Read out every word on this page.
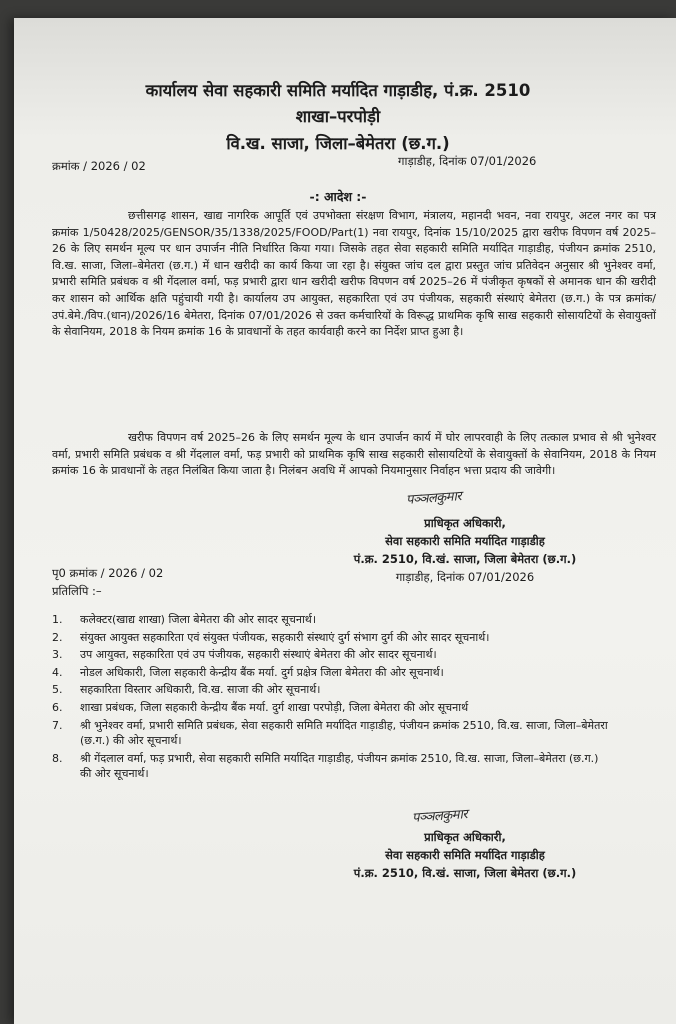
कार्यालय सेवा सहकारी समिति मर्यादित गाड़ाडीह, पं.क्र. 2510
शाखा–परपोड़ी
वि.ख. साजा, जिला–बेमेतरा (छ.ग.)
क्रमांक / 2026 / 02	गाड़ाडीह, दिनांक 07/01/2026
-: आदेश :-
छत्तीसगढ़ शासन, खाद्य नागरिक आपूर्ति एवं उपभोक्ता संरक्षण विभाग, मंत्रालय, महानदी भवन, नवा रायपुर, अटल नगर का पत्र क्रमांक 1/50428/2025/GENSOR/35/1338/2025/FOOD/Part(1) नवा रायपुर, दिनांक 15/10/2025 द्वारा खरीफ विपणन वर्ष 2025–26 के लिए समर्थन मूल्य पर धान उपार्जन नीति निर्धारित किया गया। जिसके तहत सेवा सहकारी समिति मर्यादित गाड़ाडीह, पंजीयन क्रमांक 2510, वि.ख. साजा, जिला–बेमेतरा (छ.ग.) में धान खरीदी का कार्य किया जा रहा है। संयुक्त जांच दल द्वारा प्रस्तुत जांच प्रतिवेदन अनुसार श्री भुनेश्वर वर्मा, प्रभारी समिति प्रबंधक व श्री गेंदलाल वर्मा, फड़ प्रभारी द्वारा धान खरीदी खरीफ विपणन वर्ष 2025–26 में पंजीकृत कृषकों से अमानक धान की खरीदी कर शासन को आर्थिक क्षति पहुंचायी गयी है। कार्यालय उप आयुक्त, सहकारिता एवं उप पंजीयक, सहकारी संस्थाएं बेमेतरा (छ.ग.) के पत्र क्रमांक/उपं.बेमे./विप.(धान)/2026/16 बेमेतरा, दिनांक 07/01/2026 से उक्त कर्मचारियों के विरूद्ध प्राथमिक कृषि साख सहकारी सोसायटियों के सेवायुक्तों के सेवानियम, 2018 के नियम क्रमांक 16 के प्रावधानों के तहत कार्यवाही करने का निर्देश प्राप्त हुआ है।
खरीफ विपणन वर्ष 2025–26 के लिए समर्थन मूल्य के धान उपार्जन कार्य में घोर लापरवाही के लिए तत्काल प्रभाव से श्री भुनेश्वर वर्मा, प्रभारी समिति प्रबंधक व श्री गेंदलाल वर्मा, फड़ प्रभारी को प्राथमिक कृषि साख सहकारी सोसायटियों के सेवायुक्तों के सेवानियम, 2018 के नियम क्रमांक 16 के प्रावधानों के तहत निलंबित किया जाता है। निलंबन अवधि में आपको नियमानुसार निर्वाहन भत्ता प्रदाय की जावेगी।
पञ्ञलकुमार
प्राधिकृत अधिकारी,
सेवा सहकारी समिति मर्यादित गाड़ाडीह
पं.क्र. 2510, वि.खं. साजा, जिला बेमेतरा (छ.ग.)
गाड़ाडीह, दिनांक 07/01/2026
पृ0 क्रमांक / 2026 / 02
प्रतिलिपि :–
1. कलेक्टर(खाद्य शाखा) जिला बेमेतरा की ओर सादर सूचनार्थ।
2. संयुक्त आयुक्त सहकारिता एवं संयुक्त पंजीयक, सहकारी संस्थाएं दुर्ग संभाग दुर्ग की ओर सादर सूचनार्थ।
3. उप आयुक्त, सहकारिता एवं उप पंजीयक, सहकारी संस्थाएं बेमेतरा की ओर सादर सूचनार्थ।
4. नोडल अधिकारी, जिला सहकारी केन्द्रीय बैंक मर्या. दुर्ग प्रक्षेत्र जिला बेमेतरा की ओर सूचनार्थ।
5. सहकारिता विस्तार अधिकारी, वि.ख. साजा की ओर सूचनार्थ।
6. शाखा प्रबंधक, जिला सहकारी केन्द्रीय बैंक मर्या. दुर्ग शाखा परपोड़ी, जिला बेमेतरा की ओर सूचनार्थ
7. श्री भुनेश्वर वर्मा, प्रभारी समिति प्रबंधक, सेवा सहकारी समिति मर्यादित गाड़ाडीह, पंजीयन क्रमांक 2510, वि.ख. साजा, जिला–बेमेतरा (छ.ग.) की ओर सूचनार्थ।
8. श्री गेंदलाल वर्मा, फड़ प्रभारी, सेवा सहकारी समिति मर्यादित गाड़ाडीह, पंजीयन क्रमांक 2510, वि.ख. साजा, जिला–बेमेतरा (छ.ग.) की ओर सूचनार्थ।
पञ्ञलकुमार
प्राधिकृत अधिकारी,
सेवा सहकारी समिति मर्यादित गाड़ाडीह
पं.क्र. 2510, वि.खं. साजा, जिला बेमेतरा (छ.ग.)
